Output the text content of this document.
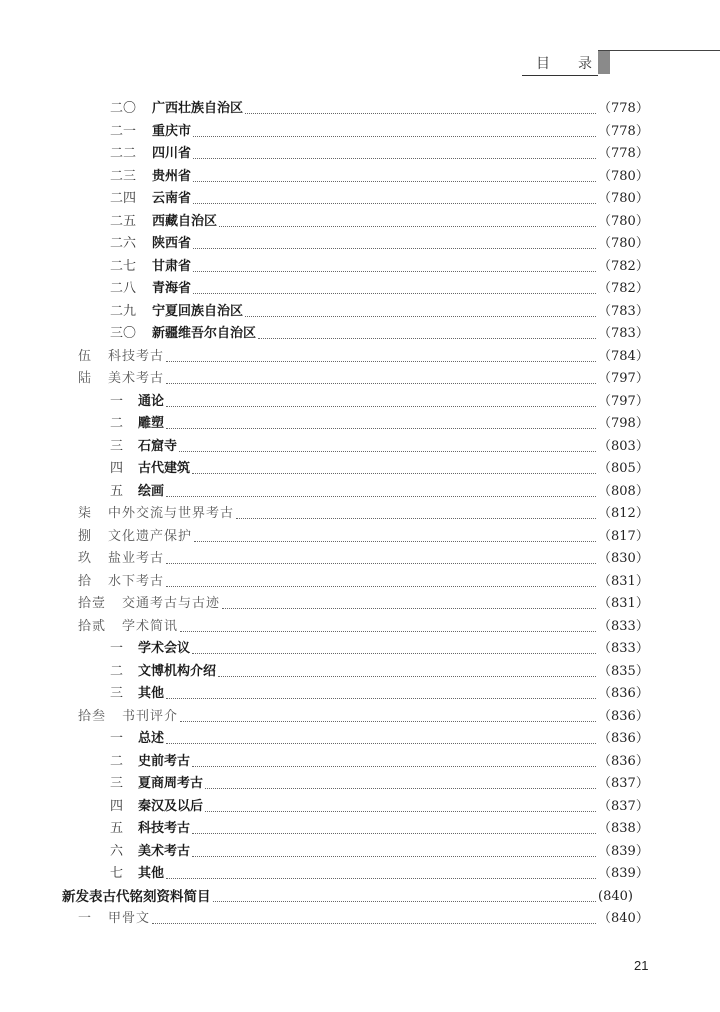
目 录
二〇 广西壮族自治区	（778）
二一 重庆市	（778）
二二 四川省	（778）
二三 贵州省	（780）
二四 云南省	（780）
二五 西藏自治区	（780）
二六 陕西省	（780）
二七 甘肃省	（782）
二八 青海省	（782）
二九 宁夏回族自治区	（783）
三〇 新疆维吾尔自治区	（783）
伍 科技考古	（784）
陆 美术考古	（797）
一 通论	（797）
二 雕塑	（798）
三 石窟寺	（803）
四 古代建筑	（805）
五 绘画	（808）
柒 中外交流与世界考古	（812）
捌 文化遗产保护	（817）
玖 盐业考古	（830）
拾 水下考古	（831）
拾壹 交通考古与古迹	（831）
拾贰 学术简讯	（833）
一 学术会议	（833）
二 文博机构介绍	（835）
三 其他	（836）
拾叁 书刊评介	（836）
一 总述	（836）
二 史前考古	（836）
三 夏商周考古	（837）
四 秦汉及以后	（837）
五 科技考古	（838）
六 美术考古	（839）
七 其他	（839）
新发表古代铭刻资料简目	(840)
一 甲骨文	（840）
21
